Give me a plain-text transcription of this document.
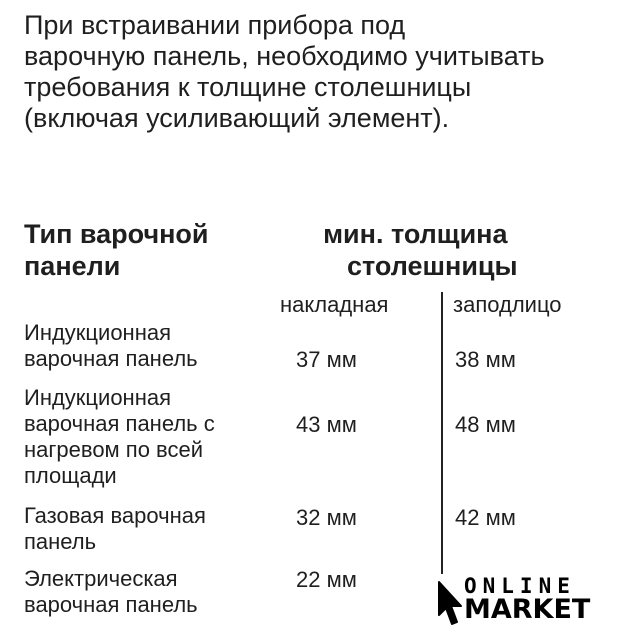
При встраивании прибора под
варочную панель, необходимо учитывать
требования к толщине столешницы
(включая усиливающий элемент).
Тип варочной
панели
мин. толщина
столешницы
накладная	заподлицо
Индукционная
варочная панель	37 мм	38 мм
Индукционная
варочная панель с
нагревом по всей
площади
43 мм	48 мм
Газовая варочная
панель
32 мм	42 мм
Электрическая
варочная панель
22 мм	ONLINE
MARKET
